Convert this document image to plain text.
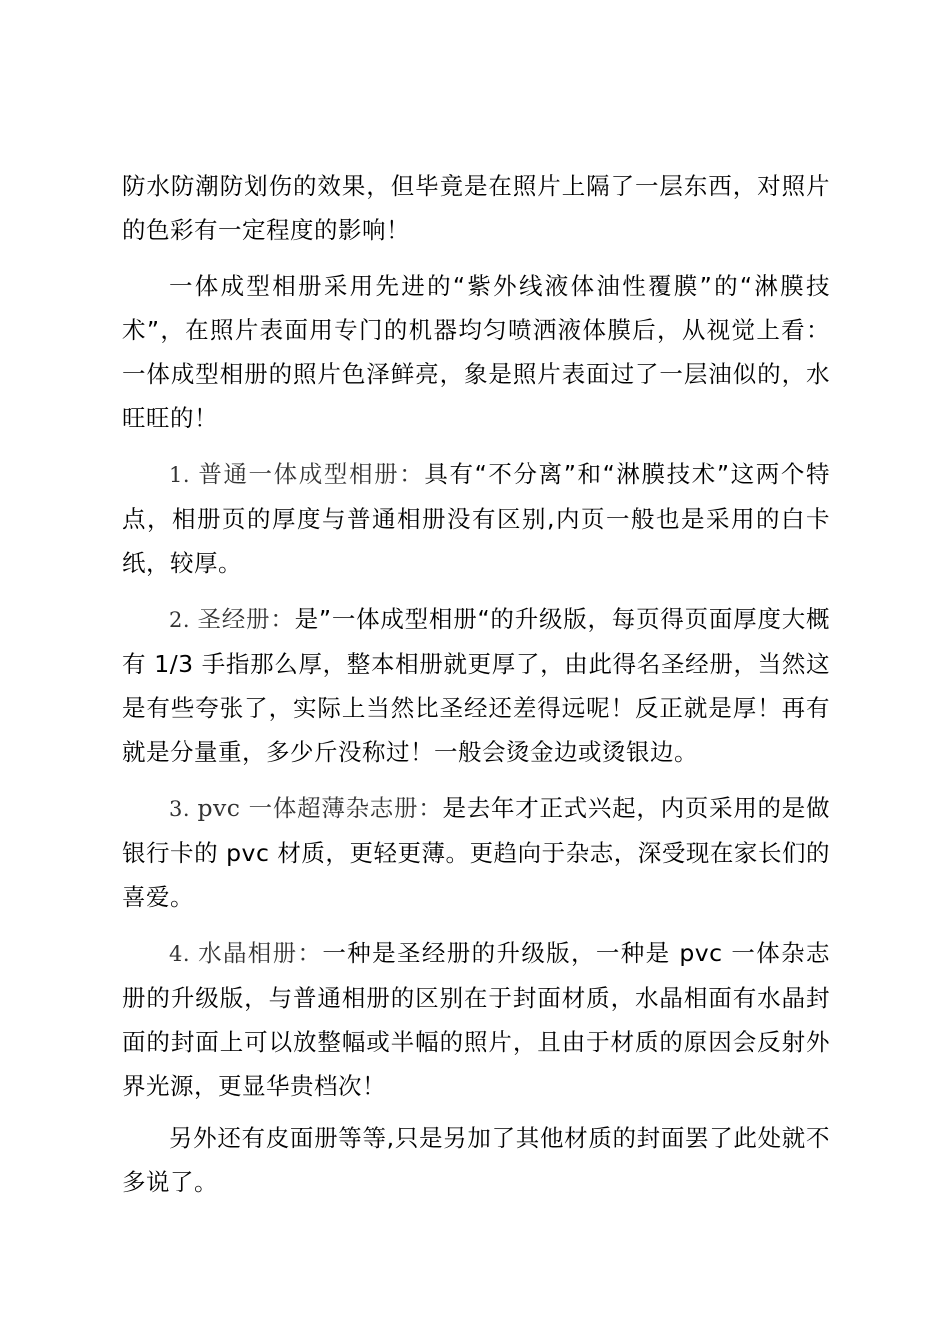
防水防潮防划伤的效果，但毕竟是在照片上隔了一层东西，对照片的色彩有一定程度的影响！

一体成型相册采用先进的“紫外线液体油性覆膜”的“淋膜技术”，在照片表面用专门的机器均匀喷洒液体膜后，从视觉上看：一体成型相册的照片色泽鲜亮，象是照片表面过了一层油似的，水旺旺的！

1. 普通一体成型相册：具有“不分离”和“淋膜技术”这两个特点，相册页的厚度与普通相册没有区别,内页一般也是采用的白卡纸，较厚。

2. 圣经册：是”一体成型相册“的升级版，每页得页面厚度大概有 1/3 手指那么厚，整本相册就更厚了，由此得名圣经册，当然这是有些夸张了，实际上当然比圣经还差得远呢！反正就是厚！再有就是分量重，多少斤没称过！一般会烫金边或烫银边。

3. pvc 一体超薄杂志册：是去年才正式兴起，内页采用的是做银行卡的 pvc 材质，更轻更薄。更趋向于杂志，深受现在家长们的喜爱。

4. 水晶相册：一种是圣经册的升级版，一种是 pvc 一体杂志册的升级版，与普通相册的区别在于封面材质，水晶相面有水晶封面的封面上可以放整幅或半幅的照片，且由于材质的原因会反射外界光源，更显华贵档次！

另外还有皮面册等等,只是另加了其他材质的封面罢了此处就不多说了。
